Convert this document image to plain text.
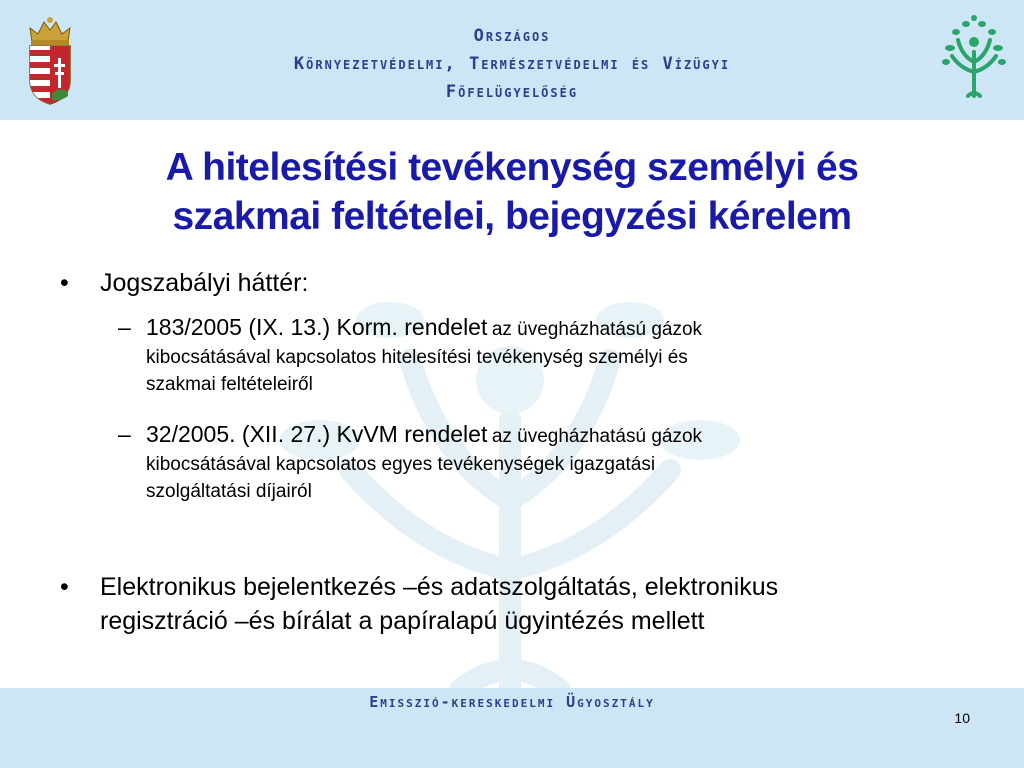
Országos
Környezetvédelmi, Természetvédelmi és Vízügyi
Főfelügyelőség
A hitelesítési tevékenység személyi és
szakmai feltételei, bejegyzési kérelem
• Jogszabályi háttér:
– 183/2005 (IX. 13.) Korm. rendelet az üvegházhatású gázok
kibocsátásával kapcsolatos hitelesítési tevékenység személyi és
szakmai feltételeiről
– 32/2005. (XII. 27.) KvVM rendelet az üvegházhatású gázok
kibocsátásával kapcsolatos egyes tevékenységek igazgatási
szolgáltatási díjairól
• Elektronikus bejelentkezés –és adatszolgáltatás, elektronikus
regisztráció –és bírálat a papíralapú ügyintézés mellett
Emisszió-kereskedelmi Ügyosztály
10
